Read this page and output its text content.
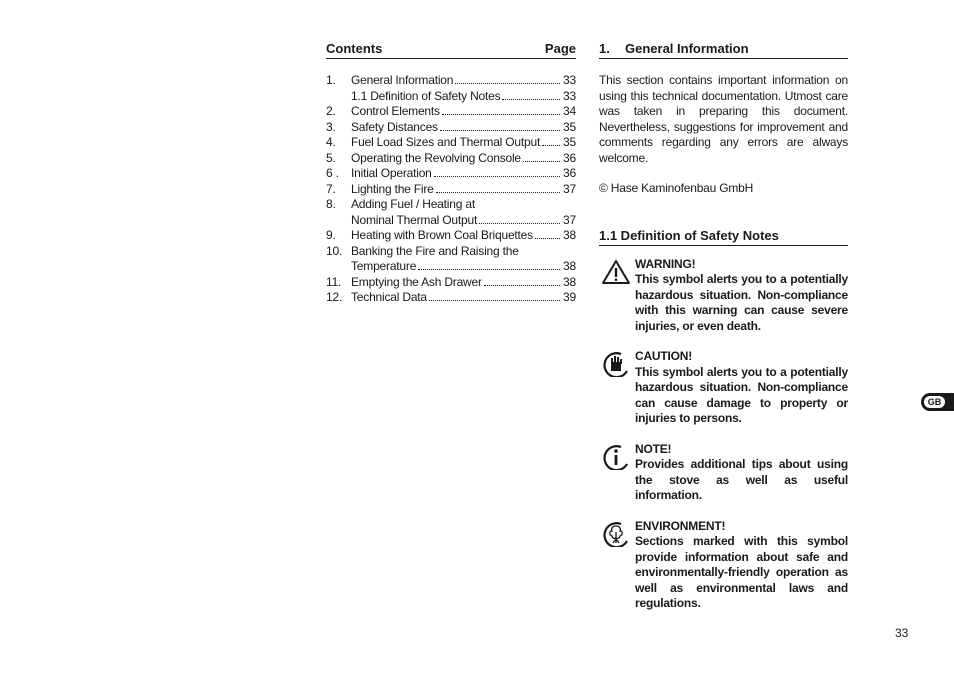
Contents	Page
1.	General Information	33
1.1 Definition of Safety Notes	33
2.	Control Elements	34
3.	Safety Distances	35
4.	Fuel Load Sizes and Thermal Output 35
5.	Operating the Revolving Console	36
6 .	Initial Operation	36
7.	Lighting the Fire	37
8.	Adding Fuel / Heating at
Nominal Thermal Output	37
9.	Heating with Brown Coal Briquettes	38
10. Banking the Fire and Raising the
Temperature	38
11. Emptying the Ash Drawer	38
12. Technical Data	39
1.	General Information
This section contains important information on using this technical documentation. Utmost care was taken in preparing this document. Nevertheless, suggestions for improvement and comments regarding any errors are always welcome.
© Hase Kaminofenbau GmbH
1.1 Definition of Safety Notes
WARNING!
This symbol alerts you to a potentially hazardous situation. Non-compliance with this warning can cause severe injuries, or even death.
CAUTION!
This symbol alerts you to a potentially hazardous situation. Non-compliance can cause damage to property or injuries to persons.
NOTE!
Provides additional tips about using the stove as well as useful information.
ENVIRONMENT!
Sections marked with this symbol provide information about safe and environmentally-friendly operation as well as environmental laws and regulations.
GB
33
